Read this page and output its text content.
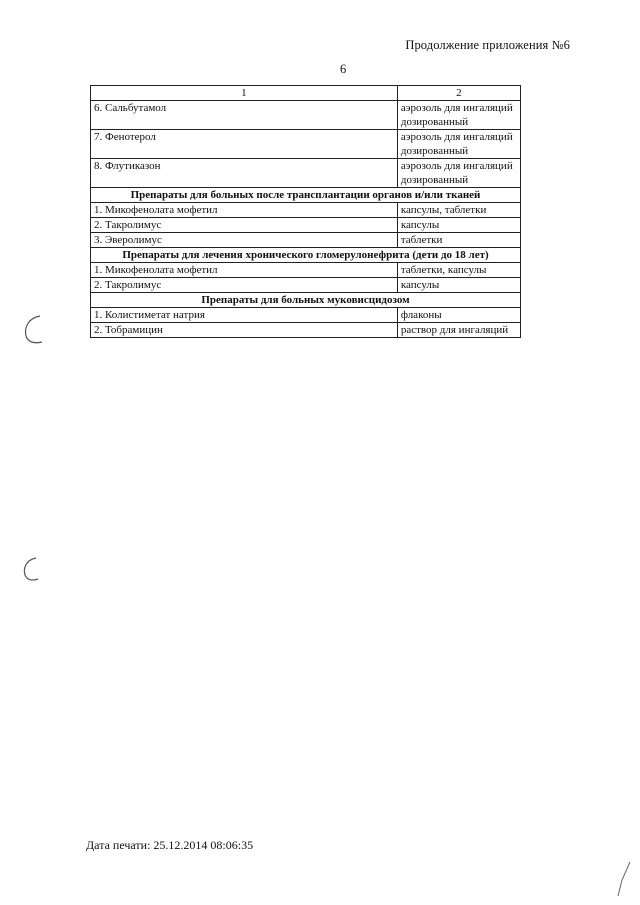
Продолжение приложения №6
6
1	2
6. Сальбутамол	аэрозоль для ингаляций дозированный
7. Фенотерол	аэрозоль для ингаляций дозированный
8. Флутиказон	аэрозоль для ингаляций дозированный
Препараты для больных после трансплантации органов и/или тканей	
1. Микофенолата мофетил	капсулы, таблетки
2. Такролимус	капсулы
3. Эверолимус	таблетки
Препараты для лечения хронического гломерулонефрита (дети до 18 лет)	
1. Микофенолата мофетил	таблетки, капсулы
2. Такролимус	капсулы
Препараты для больных муковисцидозом	
1. Колистиметат натрия	флаконы
2. Тобрамицин	раствор для ингаляций
Дата печати: 25.12.2014 08:06:35
